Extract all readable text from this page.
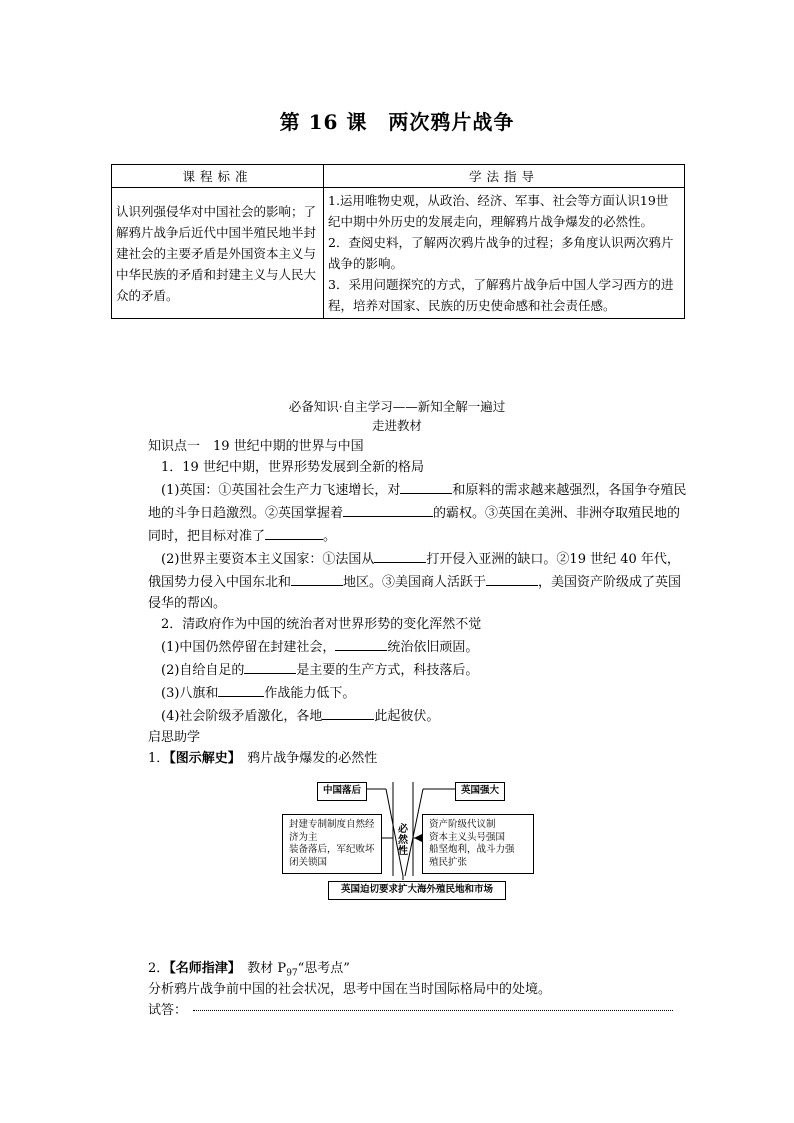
第 16 课　两次鸦片战争
课程标准	学法指导
认识列强侵华对中国社会的影响；了解鸦片战争后近代中国半殖民地半封建社会的主要矛盾是外国资本主义与中华民族的矛盾和封建主义与人民大众的矛盾。	1.运用唯物史观，从政治、经济、军事、社会等方面认识19世纪中期中外历史的发展走向，理解鸦片战争爆发的必然性。

2．查阅史料，了解两次鸦片战争的过程；多角度认识两次鸦片战争的影响。

3．采用问题探究的方式，了解鸦片战争后中国人学习西方的进程，培养对国家、民族的历史使命感和社会责任感。

必备知识·自主学习——新知全解一遍过
走进教材

知识点一　19 世纪中期的世界与中国

1．19 世纪中期，世界形势发展到全新的格局

(1)英国：①英国社会生产力飞速增长，对	和原料的需求越来越强烈，各国争夺殖民地的斗争日趋激烈。②英国掌握着	的霸权。③英国在美洲、非洲夺取殖民地的同时，把目标对准了	。

(2)世界主要资本主义国家：①法国从	打开侵入亚洲的缺口。②19 世纪 40 年代，俄国势力侵入中国东北和	地区。③美国商人活跃于	，美国资产阶级成了英国侵华的帮凶。

2．清政府作为中国的统治者对世界形势的变化浑然不觉

(1)中国仍然停留在封建社会，	统治依旧顽固。

(2)自给自足的	是主要的生产方式，科技落后。

(3)八旗和	作战能力低下。

(4)社会阶级矛盾激化，各地	此起彼伏。

启思助学
1．【图示解史】　鸦片战争爆发的必然性
中国落后	英国强大
封建专制制度自然经
济为主
装备落后，军纪败坏
闭关锁国
资产阶级代议制
资本主义头号强国
船坚炮利，战斗力强
殖民扩张
必
然
性
英国迫切要求扩大海外殖民地和市场
2．【名师指津】　教材 $P_{97}“$思考点”
分析鸦片战争前中国的社会状况，思考中国在当时国际格局中的处境。
试答：
